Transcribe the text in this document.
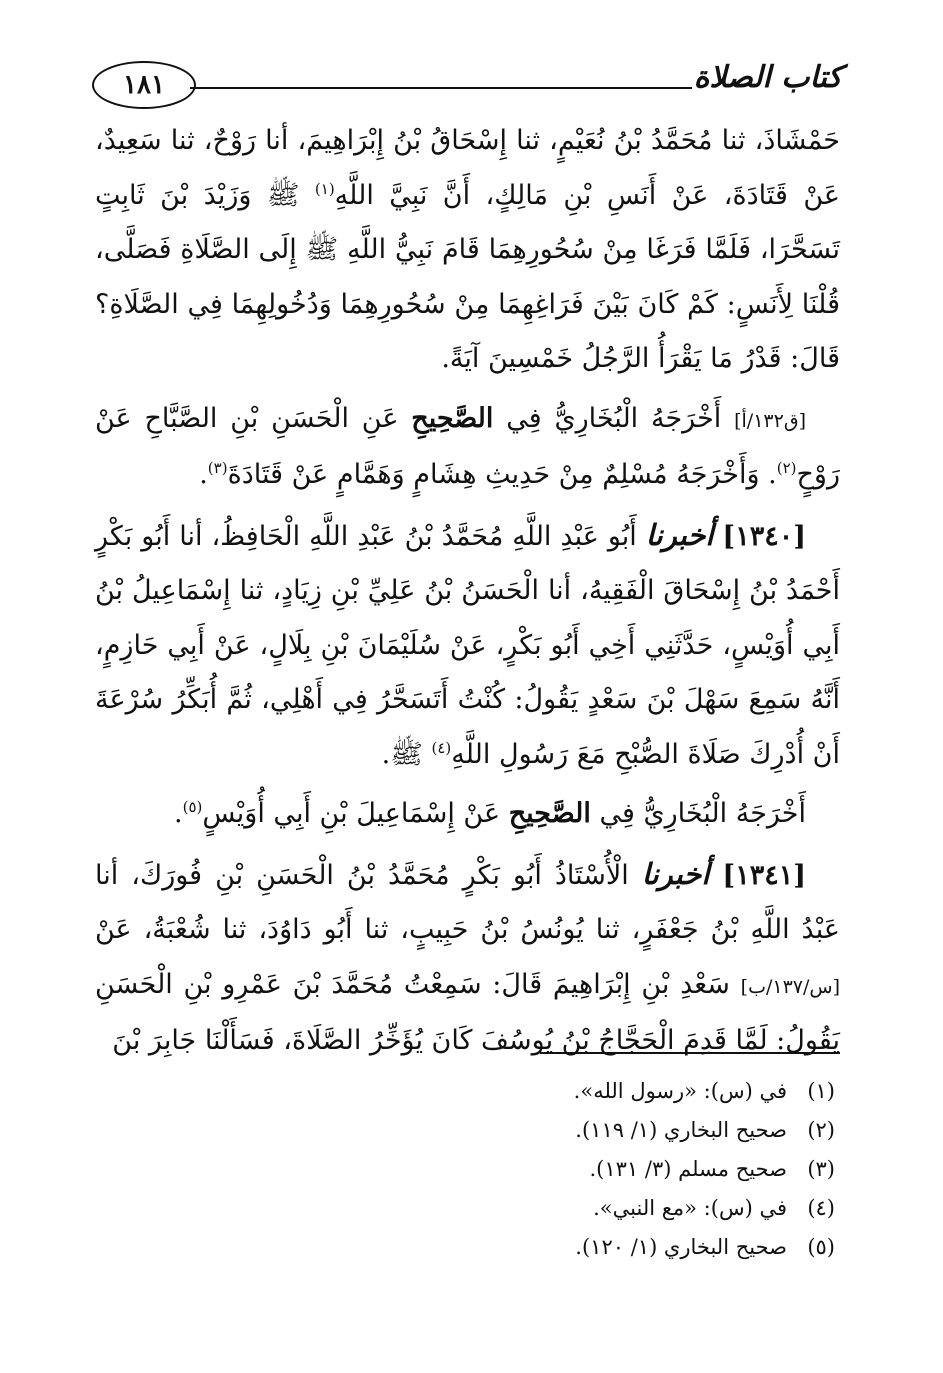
كتاب الصلاة
١٨١

حَمْشَاذَ، ثنا مُحَمَّدُ بْنُ نُعَيْمٍ، ثنا إِسْحَاقُ بْنُ إِبْرَاهِيمَ، أنا رَوْحٌ، ثنا سَعِيدٌ، عَنْ قَتَادَةَ، عَنْ أَنَسِ بْنِ مَالِكٍ، أَنَّ نَبِيَّ اللَّهِ$^{(١)}$ ﷺ وَزَيْدَ بْنَ ثَابِتٍ تَسَحَّرَا، فَلَمَّا فَرَغَا مِنْ سُحُورِهِمَا قَامَ نَبِيُّ اللَّهِ ﷺ إِلَى الصَّلَاةِ فَصَلَّى، قُلْنَا لِأَنَسٍ: كَمْ كَانَ بَيْنَ فَرَاغِهِمَا مِنْ سُحُورِهِمَا وَدُخُولِهِمَا فِي الصَّلَاةِ؟ قَالَ: قَدْرُ مَا يَقْرَأُ الرَّجُلُ خَمْسِينَ آيَةً.

[ق١٣٢/أ] أَخْرَجَهُ الْبُخَارِيُّ فِي الصَّحِيحِ عَنِ الْحَسَنِ بْنِ الصَّبَّاحِ عَنْ رَوْحٍ$^{(٢)}$. وَأَخْرَجَهُ مُسْلِمٌ مِنْ حَدِيثِ هِشَامٍ وَهَمَّامٍ عَنْ قَتَادَةَ$^{(٣)}$.

[١٣٤٠] أخبرنا أَبُو عَبْدِ اللَّهِ مُحَمَّدُ بْنُ عَبْدِ اللَّهِ الْحَافِظُ، أنا أَبُو بَكْرٍ أَحْمَدُ بْنُ إِسْحَاقَ الْفَقِيهُ، أنا الْحَسَنُ بْنُ عَلِيِّ بْنِ زِيَادٍ، ثنا إِسْمَاعِيلُ بْنُ أَبِي أُوَيْسٍ، حَدَّثَنِي أَخِي أَبُو بَكْرٍ، عَنْ سُلَيْمَانَ بْنِ بِلَالٍ، عَنْ أَبِي حَازِمٍ، أَنَّهُ سَمِعَ سَهْلَ بْنَ سَعْدٍ يَقُولُ: كُنْتُ أَتَسَحَّرُ فِي أَهْلِي، ثُمَّ أُبَكِّرُ سُرْعَةَ أَنْ أُدْرِكَ صَلَاةَ الصُّبْحِ مَعَ رَسُولِ اللَّهِ$^{(٤)}$ ﷺ.

أَخْرَجَهُ الْبُخَارِيُّ فِي الصَّحِيحِ عَنْ إِسْمَاعِيلَ بْنِ أَبِي أُوَيْسٍ$^{(٥)}$.

[١٣٤١] أخبرنا الْأُسْتَاذُ أَبُو بَكْرٍ مُحَمَّدُ بْنُ الْحَسَنِ بْنِ فُورَكَ، أنا عَبْدُ اللَّهِ بْنُ جَعْفَرٍ، ثنا يُونُسُ بْنُ حَبِيبٍ، ثنا أَبُو دَاوُدَ، ثنا شُعْبَةُ، عَنْ [س/١٣٧/ب] سَعْدِ بْنِ إِبْرَاهِيمَ قَالَ: سَمِعْتُ مُحَمَّدَ بْنَ عَمْرِو بْنِ الْحَسَنِ يَقُولُ: لَمَّا قَدِمَ الْحَجَّاجُ بْنُ يُوسُفَ كَانَ يُؤَخِّرُ الصَّلَاةَ، فَسَأَلْنَا جَابِرَ بْنَ

(١)في (س): «رسول الله».
(٢)صحيح البخاري (١/ ١١٩).
(٣)صحيح مسلم (٣/ ١٣١).
(٤)في (س): «مع النبي».
(٥)صحيح البخاري (١/ ١٢٠).
